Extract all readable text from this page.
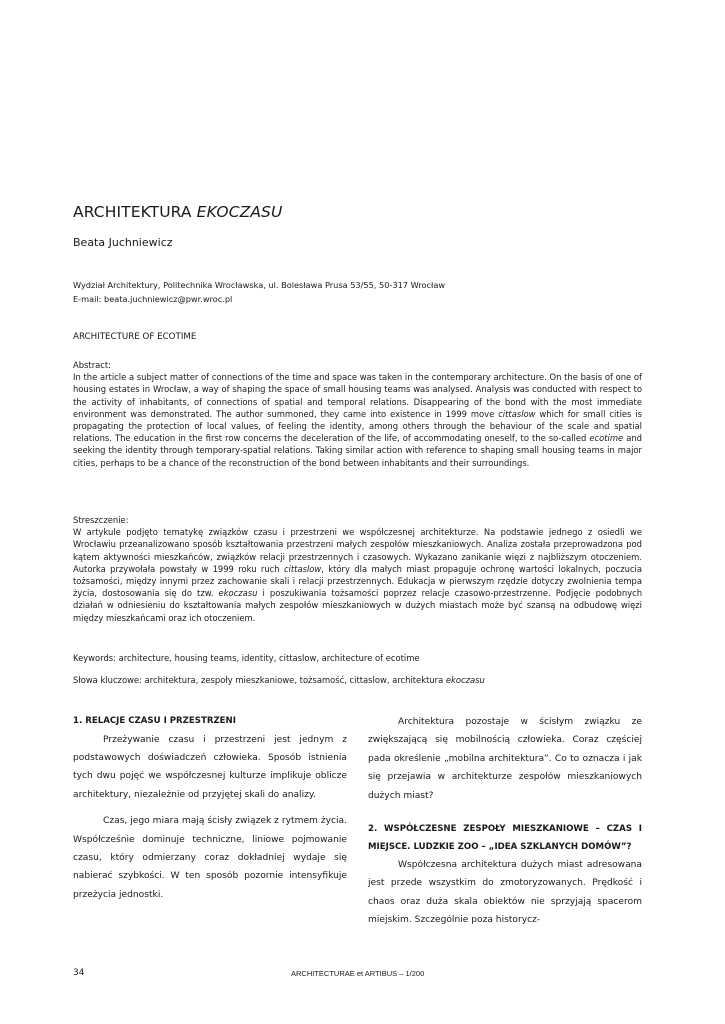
ARCHITEKTURA EKOCZASU
Beata Juchniewicz
Wydział Architektury, Politechnika Wrocławska, ul. Bolesława Prusa 53/55, 50-317 Wrocław
E-mail: beata.juchniewicz@pwr.wroc.pl
ARCHITECTURE OF ECOTIME
Abstract:
In the article a subject matter of connections of the time and space was taken in the contemporary architecture. On the basis of one of housing estates in Wrocław, a way of shaping the space of small housing teams was analysed. Analysis was conducted with respect to the activity of inhabitants, of connections of spatial and temporal relations. Disappearing of the bond with the most immediate environment was demonstrated. The author summoned, they came into existence in 1999 move cittaslow which for small cities is propagating the protection of local values, of feeling the identity, among others through the behaviour of the scale and spatial relations. The education in the first row concerns the deceleration of the life, of accommodating oneself, to the so-called ecotime and seeking the identity through temporary-spatial relations. Taking similar action with reference to shaping small housing teams in major cities, perhaps to be a chance of the reconstruction of the bond between inhabitants and their surroundings.
Streszczenie:
W artykule podjęto tematykę związków czasu i przestrzeni we współczesnej architekturze. Na podstawie jednego z osiedli we Wrocławiu przeanalizowano sposób kształtowania przestrzeni małych zespołów mieszkaniowych. Analiza została przeprowadzona pod kątem aktywności mieszkańców, związków relacji przestrzennych i czasowych. Wykazano zanikanie więzi z najbliższym otoczeniem. Autorka przywołała powstały w 1999 roku ruch cittaslow, który dla małych miast propaguje ochronę wartości lokalnych, poczucia tożsamości, między innymi przez zachowanie skali i relacji przestrzennych. Edukacja w pierwszym rzędzie dotyczy zwolnienia tempa życia, dostosowania się do tzw. ekoczasu i poszukiwania tożsamości poprzez relacje czasowo-przestrzenne. Podjęcie podobnych działań w odniesieniu do kształtowania małych zespołów mieszkaniowych w dużych miastach może być szansą na odbudowę więzi między mieszkańcami oraz ich otoczeniem.
Keywords: architecture, housing teams, identity, cittaslow, architecture of ecotime
Słowa kluczowe: architektura, zespoły mieszkaniowe, tożsamość, cittaslow, architektura ekoczasu

1. RELACJE CZASU I PRZESTRZENI

Przeżywanie czasu i przestrzeni jest jednym z podstawowych doświadczeń człowieka. Sposób istnienia tych dwu pojęć we współczesnej kulturze implikuje oblicze architektury, niezależnie od przyjętej skali do analizy.

Czas, jego miara mają ścisły związek z rytmem życia. Współcześnie dominuje techniczne, liniowe pojmowanie czasu, który odmierzany coraz dokładniej wydaje się nabierać szybkości. W ten sposób pozornie intensyfikuje przeżycia jednostki.

Architektura pozostaje w ścisłym związku ze zwiększającą się mobilnością człowieka. Coraz częściej pada określenie „mobilna architektura”. Co to oznacza i jak się przejawia w architekturze zespołów mieszkaniowych dużych miast?

2. WSPÓŁCZESNE ZESPOŁY MIESZKANIOWE – CZAS I MIEJSCE. LUDZKIE ZOO – „IDEA SZKLANYCH DOMÓW”?

Współczesna architektura dużych miast adresowana jest przede wszystkim do zmotoryzowanych. Prędkość i chaos oraz duża skala obiektów nie sprzyjają spacerom miejskim. Szczególnie poza historycz-

34	ARCHITECTURAE et ARTIBUS – 1/200
